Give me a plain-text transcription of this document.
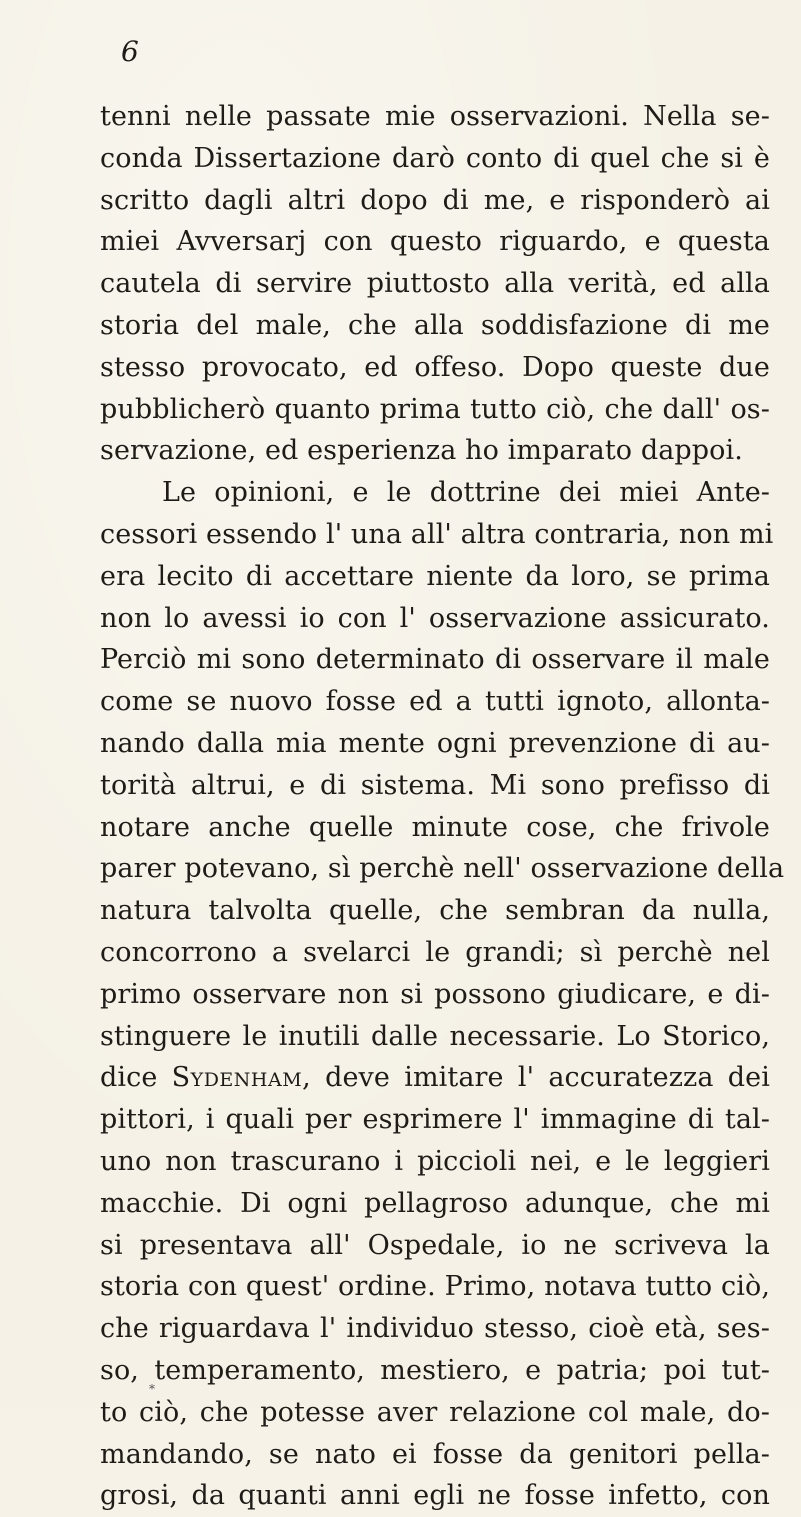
6
tenni nelle passate mie osservazioni. Nella se-
conda Dissertazione darò conto di quel che si è
scritto dagli altri dopo di me, e risponderò ai
miei Avversarj con questo riguardo, e questa
cautela di servire piuttosto alla verità, ed alla
storia del male, che alla soddisfazione di me
stesso provocato, ed offeso. Dopo queste due
pubblicherò quanto prima tutto ciò, che dall' os-
servazione, ed esperienza ho imparato dappoi.
Le opinioni, e le dottrine dei miei Ante-
cessori essendo l' una all' altra contraria, non mi
era lecito di accettare niente da loro, se prima
non lo avessi io con l' osservazione assicurato.
Perciò mi sono determinato di osservare il male
come se nuovo fosse ed a tutti ignoto, allonta-
nando dalla mia mente ogni prevenzione di au-
torità altrui, e di sistema. Mi sono prefisso di
notare anche quelle minute cose, che frivole
parer potevano, sì perchè nell' osservazione della
natura talvolta quelle, che sembran da nulla,
concorrono a svelarci le grandi; sì perchè nel
primo osservare non si possono giudicare, e di-
stinguere le inutili dalle necessarie. Lo Storico,
dice Sydenham, deve imitare l' accuratezza dei
pittori, i quali per esprimere l' immagine di tal-
uno non trascurano i piccioli nei, e le leggieri
macchie. Di ogni pellagroso adunque, che mi
si presentava all' Ospedale, io ne scriveva la
storia con quest' ordine. Primo, notava tutto ciò,
che riguardava l' individuo stesso, cioè età, ses-
so, temperamento, mestiero, e patria; poi tut-
to ciò, che potesse aver relazione col male, do-
mandando, se nato ei fosse da genitori pella-
grosi, da quanti anni egli ne fosse infetto, con
*
